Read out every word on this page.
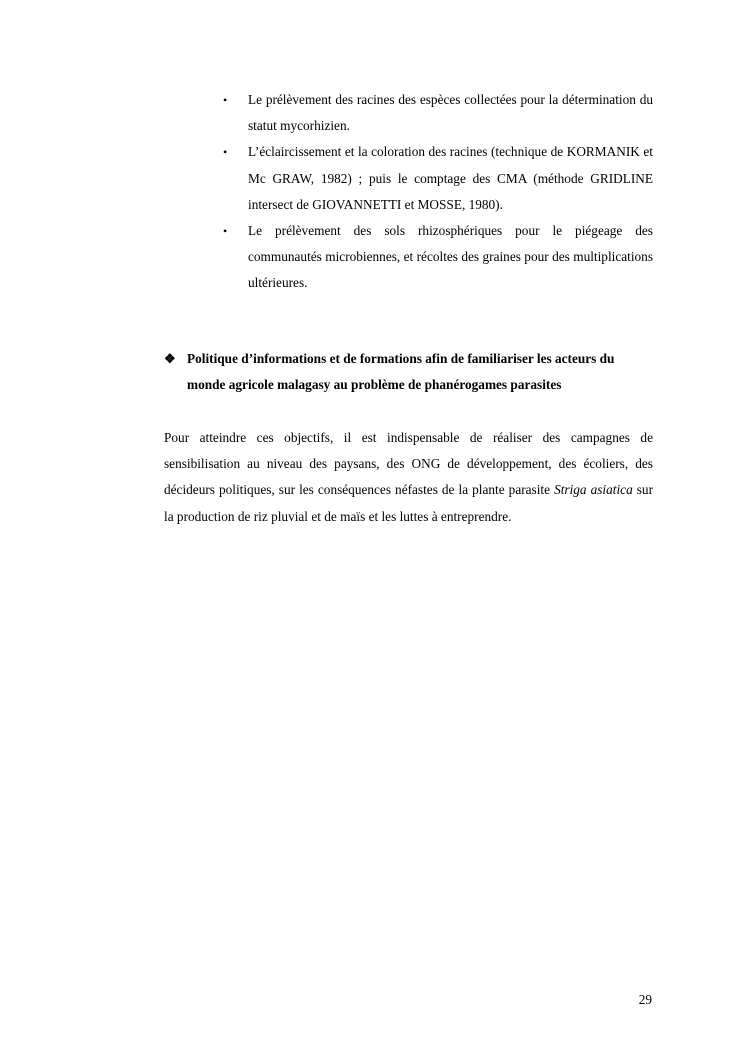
• Le prélèvement des racines des espèces collectées pour la détermination du statut mycorhizien.
• L’éclaircissement et la coloration des racines (technique de KORMANIK et Mc GRAW, 1982) ; puis le comptage des CMA (méthode GRIDLINE intersect de GIOVANNETTI et MOSSE, 1980).
• Le prélèvement des sols rhizosphériques pour le piégeage des communautés microbiennes, et récoltes des graines pour des multiplications ultérieures.
❖ Politique d’informations et de formations afin de familiariser les acteurs du monde agricole malagasy au problème de phanérogames parasites

Pour atteindre ces objectifs, il est indispensable de réaliser des campagnes de sensibilisation au niveau des paysans, des ONG de développement, des écoliers, des décideurs politiques, sur les conséquences néfastes de la plante parasite Striga asiatica sur la production de riz pluvial et de maïs et les luttes à entreprendre.

29
